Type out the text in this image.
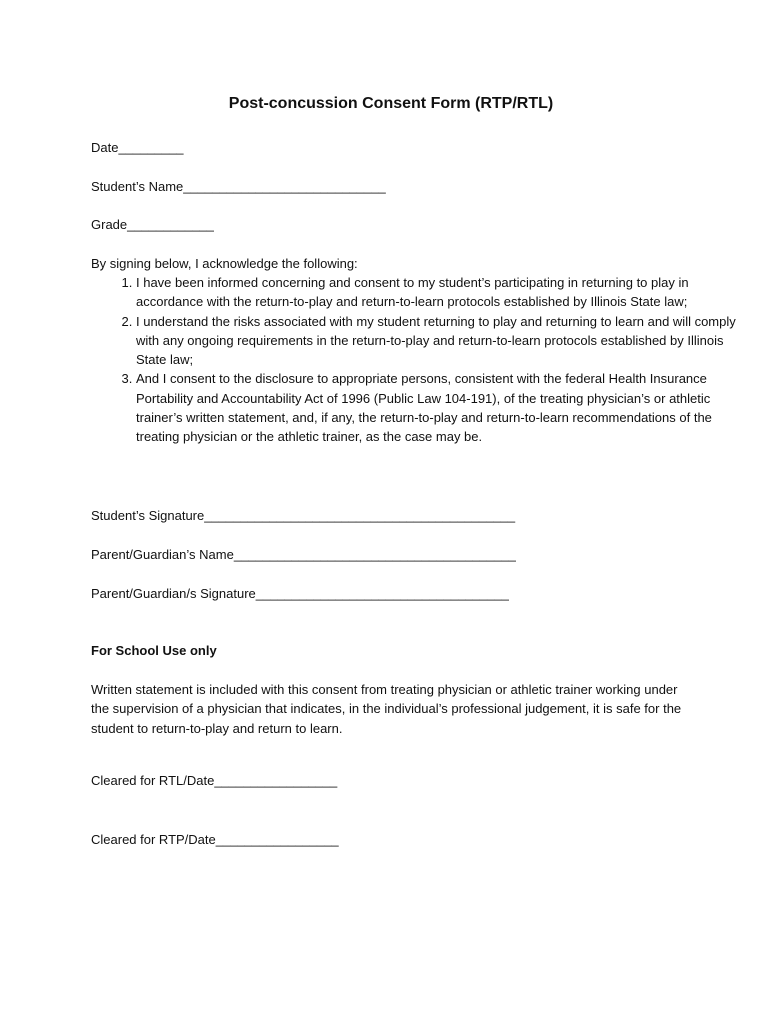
Post-concussion Consent Form (RTP/RTL)
Date_________
Student’s Name____________________________
Grade____________
By signing below, I acknowledge the following:
1. I have been informed concerning and consent to my student’s participating in returning to play in accordance with the return-to-play and return-to-learn protocols established by Illinois State law;
2. I understand the risks associated with my student returning to play and returning to learn and will comply with any ongoing requirements in the return-to-play and return-to-learn protocols established by Illinois State law;
3. And I consent to the disclosure to appropriate persons, consistent with the federal Health Insurance Portability and Accountability Act of 1996 (Public Law 104-191), of the treating physician’s or athletic trainer’s written statement, and, if any, the return-to-play and return-to-learn recommendations of the treating physician or the athletic trainer, as the case may be.
Student’s Signature___________________________________________
Parent/Guardian’s Name_______________________________________
Parent/Guardian/s Signature___________________________________
For School Use only
Written statement is included with this consent from treating physician or athletic trainer working under the supervision of a physician that indicates, in the individual’s professional judgement, it is safe for the student to return-to-play and return to learn.
Cleared for RTL/Date_________________
Cleared for RTP/Date_________________
